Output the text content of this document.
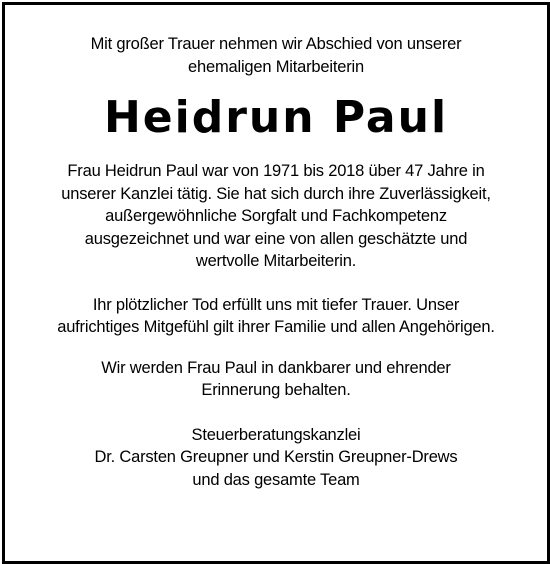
Mit großer Trauer nehmen wir Abschied von unserer
ehemaligen Mitarbeiterin
Heidrun Paul
Frau Heidrun Paul war von 1971 bis 2018 über 47 Jahre in
unserer Kanzlei tätig. Sie hat sich durch ihre Zuverlässigkeit,
außergewöhnliche Sorgfalt und Fachkompetenz
ausgezeichnet und war eine von allen geschätzte und
wertvolle Mitarbeiterin.
Ihr plötzlicher Tod erfüllt uns mit tiefer Trauer. Unser
aufrichtiges Mitgefühl gilt ihrer Familie und allen Angehörigen.
Wir werden Frau Paul in dankbarer und ehrender
Erinnerung behalten.
Steuerberatungskanzlei
Dr. Carsten Greupner und Kerstin Greupner-Drews
und das gesamte Team
